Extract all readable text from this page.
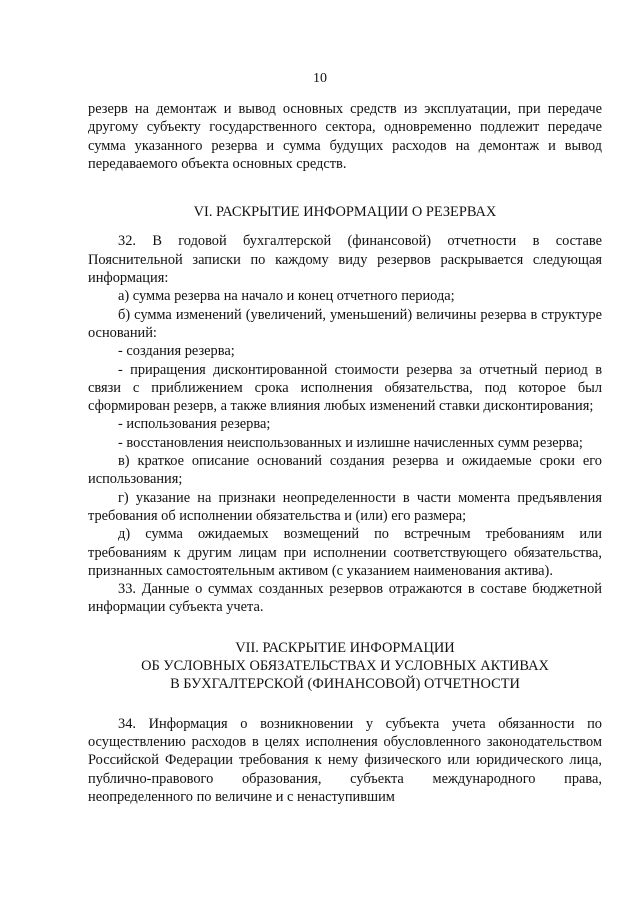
10

резерв на демонтаж и вывод основных средств из эксплуатации, при передаче другому субъекту государственного сектора, одновременно подлежит передаче сумма указанного резерва и сумма будущих расходов на демонтаж и вывод передаваемого объекта основных средств.

VI. РАСКРЫТИЕ ИНФОРМАЦИИ О РЕЗЕРВАХ

32. В годовой бухгалтерской (финансовой) отчетности в составе Пояснительной записки по каждому виду резервов раскрывается следующая информация:

а) сумма резерва на начало и конец отчетного периода;

б) сумма изменений (увеличений, уменьшений) величины резерва в структуре оснований:

- создания резерва;

- приращения дисконтированной стоимости резерва за отчетный период в связи с приближением срока исполнения обязательства, под которое был сформирован резерв, а также влияния любых изменений ставки дисконтирования;

- использования резерва;

- восстановления неиспользованных и излишне начисленных сумм резерва;

в) краткое описание оснований создания резерва и ожидаемые сроки его использования;

г) указание на признаки неопределенности в части момента предъявления требования об исполнении обязательства и (или) его размера;

д) сумма ожидаемых возмещений по встречным требованиям или требованиям к другим лицам при исполнении соответствующего обязательства, признанных самостоятельным активом (с указанием наименования актива).

33. Данные о суммах созданных резервов отражаются в составе бюджетной информации субъекта учета.

VII. РАСКРЫТИЕ ИНФОРМАЦИИ
ОБ УСЛОВНЫХ ОБЯЗАТЕЛЬСТВАХ И УСЛОВНЫХ АКТИВАХ
В БУХГАЛТЕРСКОЙ (ФИНАНСОВОЙ) ОТЧЕТНОСТИ

34. Информация о возникновении у субъекта учета обязанности по осуществлению расходов в целях исполнения обусловленного законодательством Российской Федерации требования к нему физического или юридического лица, публично-правового образования, субъекта международного права, неопределенного по величине и с ненаступившим
